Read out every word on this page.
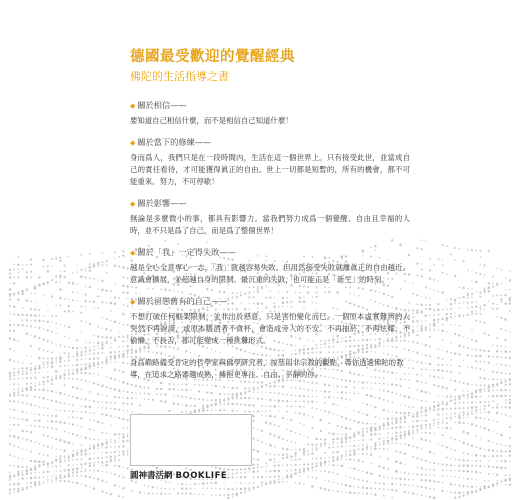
德國最受歡迎的覺醒經典
佛陀的生活指導之書
◆ 關於相信——
要知道自己相信什麼，而不是相信自己知道什麼！
◆ 關於當下的修練——
身而爲人，我們只是在一段時間內，生活在這一個世界上。只有接受此世，並當成自己的責任看待，才可能獲得眞正的自由。世上一切都是短暫的，所有的機會，都不可能重來。努力，不可停歇！
◆ 關於影響——
無論是多麼微小的事，都具有影響力。當我們努力成爲一個覺醒、自由且幸福的人時，並不只是爲了自己，而是爲了整個世界！
◆ 關於「我」一定得失敗——
越是全心全意專心一志，「我」就越容易失敗。但用然接受失敗就離眞正的自由越近。意識會擴展，並超越自身的限制。最沉重的失敗，也可能正是「新生」的時刻。
◆ 關於留戀舊有的自己——
不想打破任何框架限制，並非出於惡意，只是害怕變化而已。一個原本虛實難辨的人突然不再說謊，或原本嗜酒者不貪杯，會造成旁人的不安。不再抽菸、不再炫耀、不偷懶、不長舌，都可能變成一種挑釁形式。
身爲巅路備受肯定的哲學家與佛學研究者，按慈用非宗教的觀點，帶你透過佛陀的教導，在追求之路審趨成熟，擁抱更專注、自由、平靜的你。
圓神書活網 BOOKLIFE
